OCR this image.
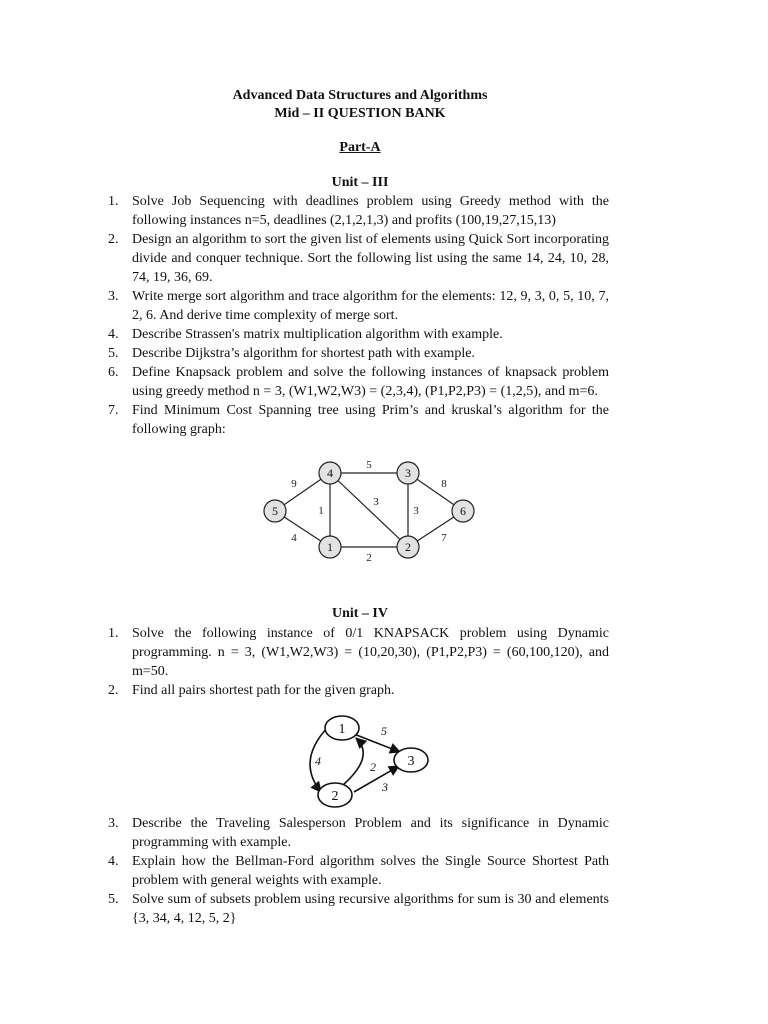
Advanced Data Structures and Algorithms
Mid – II QUESTION BANK
Part-A
Unit – III
1. Solve Job Sequencing with deadlines problem using Greedy method with the following instances n=5, deadlines (2,1,2,1,3) and profits (100,19,27,15,13)
2. Design an algorithm to sort the given list of elements using Quick Sort incorporating divide and conquer technique. Sort the following list using the same 14, 24, 10, 28, 74, 19, 36, 69.
3. Write merge sort algorithm and trace algorithm for the elements: 12, 9, 3, 0, 5, 10, 7, 2, 6. And derive time complexity of merge sort.
4. Describe Strassen's matrix multiplication algorithm with example.
5. Describe Dijkstra’s algorithm for shortest path with example.
6. Define Knapsack problem and solve the following instances of knapsack problem using greedy method n = 3, (W1,W2,W3) = (2,3,4), (P1,P2,P3) = (1,2,5), and m=6.
7. Find Minimum Cost Spanning tree using Prim’s and kruskal’s algorithm for the following graph:
5
9	8
1
3
3
4	7
2
4	3
5	6
1	2
Unit – IV
1. Solve the following instance of 0/1 KNAPSACK problem using Dynamic programming. n = 3, (W1,W2,W3) = (10,20,30), (P1,P2,P3) = (60,100,120), and m=50.
2. Find all pairs shortest path for the given graph.
1
2
3
5
2
4
3
3. Describe the Traveling Salesperson Problem and its significance in Dynamic programming with example.
4. Explain how the Bellman-Ford algorithm solves the Single Source Shortest Path problem with general weights with example.
5. Solve sum of subsets problem using recursive algorithms for sum is 30 and elements {3, 34, 4, 12, 5, 2}
